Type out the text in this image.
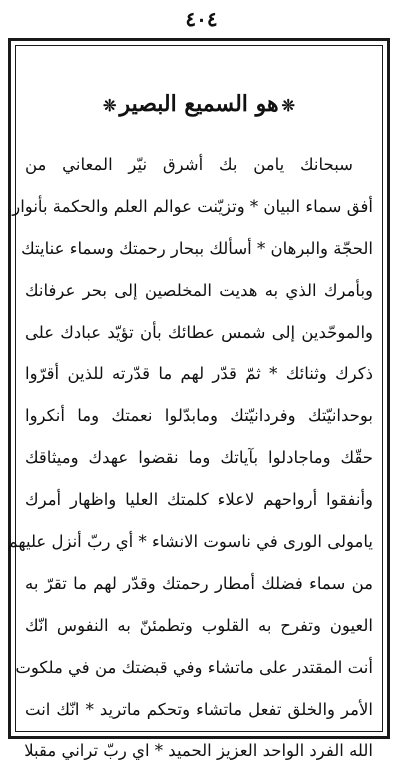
٤٠٤
❊هو السميع البصير❊
سبحانك يامن بك أشرق نيّر المعاني من
أفق سماء البيان * وتزيّنت عوالم العلم والحكمة بأنوار
الحجّة والبرهان * أسألك ببحار رحمتك وسماء عنايتك
وبأمرك الذي به هديت المخلصين إلى بحر عرفانك
والموحّدين إلى شمس عطائك بأن تؤيّد عبادك على
ذكرك وثنائك * ثمّ قدّر لهم ما قدّرته للذين أقرّوا
بوحدانيّتك وفردانيّتك ومابدّلوا نعمتك وما أنكروا
حقّك وماجادلوا بآياتك وما نقضوا عهدك وميثاقك
وأنفقوا أرواحهم لاعلاء كلمتك العليا واظهار أمرك
يامولى الورى في ناسوت الانشاء * أي ربّ أنزل عليهم
من سماء فضلك أمطار رحمتك وقدّر لهم ما تقرّ به
العيون وتفرح به القلوب وتطمئنّ به النفوس انّك
أنت المقتدر على ماتشاء وفي قبضتك من في ملكوت
الأمر والخلق تفعل ماتشاء وتحكم ماتريد * انّك انت
الله الفرد الواحد العزيز الحميد * اي ربّ تراني مقبلا
